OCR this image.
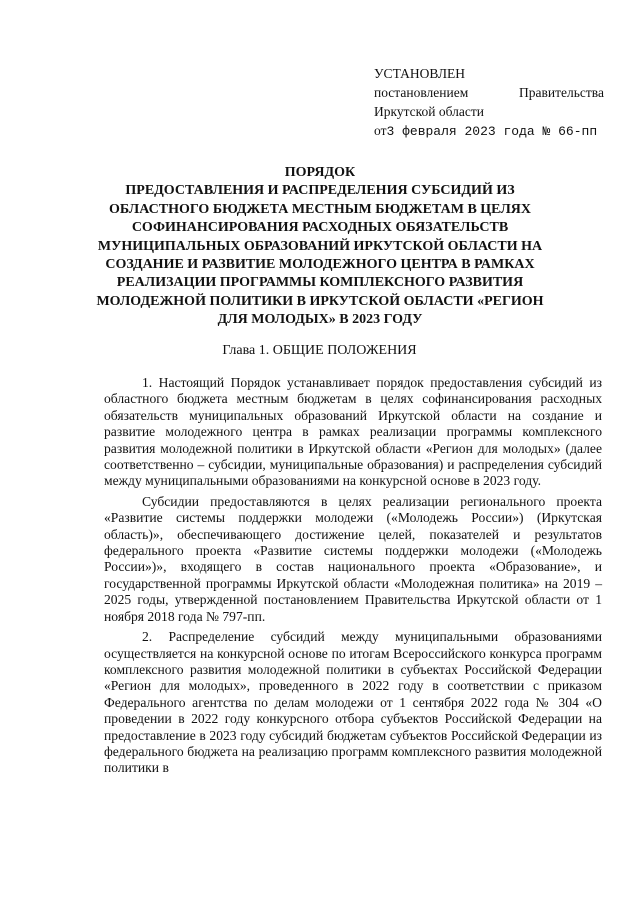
УСТАНОВЛЕН
постановлением	Правительства
Иркутской области
от3 февраля 2023 года № 66-пп
ПОРЯДОК
ПРЕДОСТАВЛЕНИЯ И РАСПРЕДЕЛЕНИЯ СУБСИДИЙ ИЗ ОБЛАСТНОГО БЮДЖЕТА МЕСТНЫМ БЮДЖЕТАМ В ЦЕЛЯХ СОФИНАНСИРОВАНИЯ РАСХОДНЫХ ОБЯЗАТЕЛЬСТВ МУНИЦИПАЛЬНЫХ ОБРАЗОВАНИЙ ИРКУТСКОЙ ОБЛАСТИ НА СОЗДАНИЕ И РАЗВИТИЕ МОЛОДЕЖНОГО ЦЕНТРА В РАМКАХ РЕАЛИЗАЦИИ ПРОГРАММЫ КОМПЛЕКСНОГО РАЗВИТИЯ МОЛОДЕЖНОЙ ПОЛИТИКИ В ИРКУТСКОЙ ОБЛАСТИ «РЕГИОН ДЛЯ МОЛОДЫХ» В 2023 ГОДУ
Глава 1. ОБЩИЕ ПОЛОЖЕНИЯ

1. Настоящий Порядок устанавливает порядок предоставления субсидий из областного бюджета местным бюджетам в целях софинансирования расходных обязательств муниципальных образований Иркутской области на создание и развитие молодежного центра в рамках реализации программы комплексного развития молодежной политики в Иркутской области «Регион для молодых» (далее соответственно – субсидии, муниципальные образования) и распределения субсидий между муниципальными образованиями на конкурсной основе в 2023 году.

Субсидии предоставляются в целях реализации регионального проекта «Развитие системы поддержки молодежи («Молодежь России») (Иркутская область)», обеспечивающего достижение целей, показателей и результатов федерального проекта «Развитие системы поддержки молодежи («Молодежь России»)», входящего в состав национального проекта «Образование», и государственной программы Иркутской области «Молодежная политика» на 2019 – 2025 годы, утвержденной постановлением Правительства Иркутской области от 1 ноября 2018 года № 797-пп.

2. Распределение субсидий между муниципальными образованиями осуществляется на конкурсной основе по итогам Всероссийского конкурса программ комплексного развития молодежной политики в субъектах Российской Федерации «Регион для молодых», проведенного в 2022 году в соответствии с приказом Федерального агентства по делам молодежи от 1 сентября 2022 года № 304 «О проведении в 2022 году конкурсного отбора субъектов Российской Федерации на предоставление в 2023 году субсидий бюджетам субъектов Российской Федерации из федерального бюджета на реализацию программ комплексного развития молодежной политики в
